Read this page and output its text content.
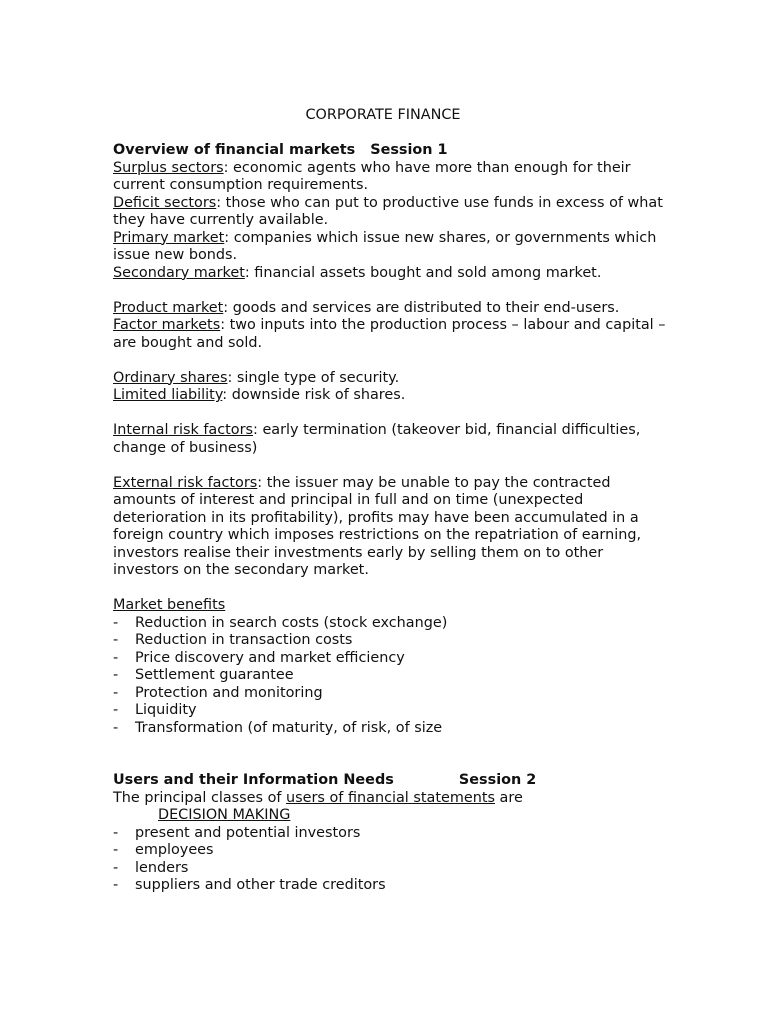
CORPORATE FINANCE
Overview of financial markets   Session 1

Surplus sectors: economic agents who have more than enough for their current consumption requirements.

Deficit sectors: those who can put to productive use funds in excess of what they have currently available.

Primary market: companies which issue new shares, or governments which issue new bonds.

Secondary market: financial assets bought and sold among market.

Product market: goods and services are distributed to their end-users.

Factor markets: two inputs into the production process – labour and capital – are bought and sold.

Ordinary shares: single type of security.

Limited liability: downside risk of shares.

Internal risk factors: early termination (takeover bid, financial difficulties, change of business)

External risk factors: the issuer may be unable to pay the contracted amounts of interest and principal in full and on time (unexpected deterioration in its profitability), profits may have been accumulated in a foreign country which imposes restrictions on the repatriation of earning, investors realise their investments early by selling them on to other investors on the secondary market.

Market benefits
- Reduction in search costs (stock exchange)
- Reduction in transaction costs
- Price discovery and market efficiency
- Settlement guarantee
- Protection and monitoring
- Liquidity
- Transformation (of maturity, of risk, of size
Users and their Information Needs             Session 2

The principal classes of users of financial statements are

DECISION MAKING
- present and potential investors
- employees
- lenders
- suppliers and other trade creditors
